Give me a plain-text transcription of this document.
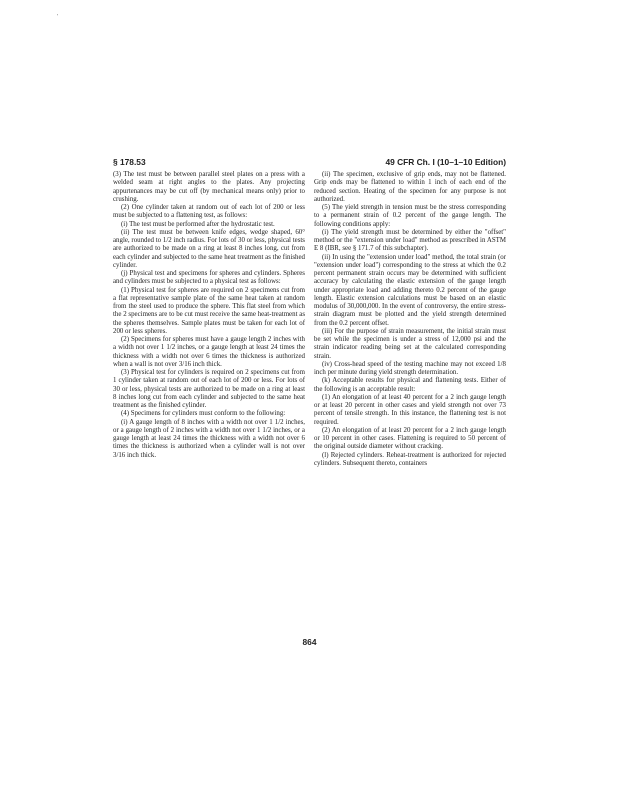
'
§ 178.53	49 CFR Ch. I (10–1–10 Edition)

(3) The test must be between parallel steel plates on a press with a welded seam at right angles to the plates. Any projecting appurtenances may be cut off (by mechanical means only) prior to crushing.

(2) One cylinder taken at random out of each lot of 200 or less must be subjected to a flattening test, as follows:

(i) The test must be performed after the hydrostatic test.

(ii) The test must be between knife edges, wedge shaped, 60° angle, rounded to 1/2 inch radius. For lots of 30 or less, physical tests are authorized to be made on a ring at least 8 inches long, cut from each cylinder and subjected to the same heat treatment as the finished cylinder.

(j) Physical test and specimens for spheres and cylinders. Spheres and cylinders must be subjected to a physical test as follows:

(1) Physical test for spheres are required on 2 specimens cut from a flat representative sample plate of the same heat taken at random from the steel used to produce the sphere. This flat steel from which the 2 specimens are to be cut must receive the same heat-treatment as the spheres themselves. Sample plates must be taken for each lot of 200 or less spheres.

(2) Specimens for spheres must have a gauge length 2 inches with a width not over 1 1/2 inches, or a gauge length at least 24 times the thickness with a width not over 6 times the thickness is authorized when a wall is not over 3/16 inch thick.

(3) Physical test for cylinders is required on 2 specimens cut from 1 cylinder taken at random out of each lot of 200 or less. For lots of 30 or less, physical tests are authorized to be made on a ring at least 8 inches long cut from each cylinder and subjected to the same heat treatment as the finished cylinder.

(4) Specimens for cylinders must conform to the following:

(i) A gauge length of 8 inches with a width not over 1 1/2 inches, or a gauge length of 2 inches with a width not over 1 1/2 inches, or a gauge length at least 24 times the thickness with a width not over 6 times the thickness is authorized when a cylinder wall is not over 3/16 inch thick.

(ii) The specimen, exclusive of grip ends, may not be flattened. Grip ends may be flattened to within 1 inch of each end of the reduced section. Heating of the specimen for any purpose is not authorized.

(5) The yield strength in tension must be the stress corresponding to a permanent strain of 0.2 percent of the gauge length. The following conditions apply:

(i) The yield strength must be determined by either the "offset" method or the "extension under load" method as prescribed in ASTM E 8 (IBR, see § 171.7 of this subchapter).

(ii) In using the "extension under load" method, the total strain (or "extension under load") corresponding to the stress at which the 0.2 percent permanent strain occurs may be determined with sufficient accuracy by calculating the elastic extension of the gauge length under appropriate load and adding thereto 0.2 percent of the gauge length. Elastic extension calculations must be based on an elastic modulus of 30,000,000. In the event of controversy, the entire stress-strain diagram must be plotted and the yield strength determined from the 0.2 percent offset.

(iii) For the purpose of strain measurement, the initial strain must be set while the specimen is under a stress of 12,000 psi and the strain indicator reading being set at the calculated corresponding strain.

(iv) Cross-head speed of the testing machine may not exceed 1/8 inch per minute during yield strength determination.

(k) Acceptable results for physical and flattening tests. Either of the following is an acceptable result:

(1) An elongation of at least 40 percent for a 2 inch gauge length or at least 20 percent in other cases and yield strength not over 73 percent of tensile strength. In this instance, the flattening test is not required.

(2) An elongation of at least 20 percent for a 2 inch gauge length or 10 percent in other cases. Flattening is required to 50 percent of the original outside diameter without cracking.

(l) Rejected cylinders. Reheat-treatment is authorized for rejected cylinders. Subsequent thereto, containers

864
